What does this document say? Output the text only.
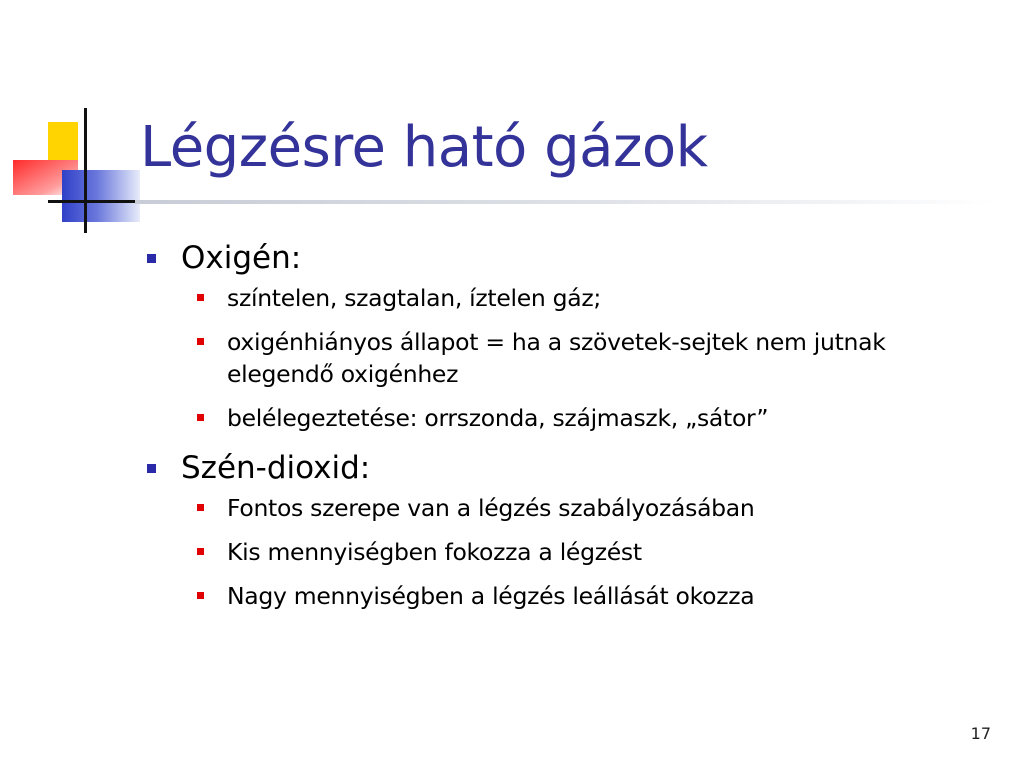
Légzésre ható gázok
Oxigén:
színtelen, szagtalan, íztelen gáz;
oxigénhiányos állapot = ha a szövetek-sejtek nem jutnak elegendő oxigénhez
belélegeztetése: orrszonda, szájmaszk, „sátor”
Szén-dioxid:
Fontos szerepe van a légzés szabályozásában
Kis mennyiségben fokozza a légzést
Nagy mennyiségben a légzés leállását okozza
17
